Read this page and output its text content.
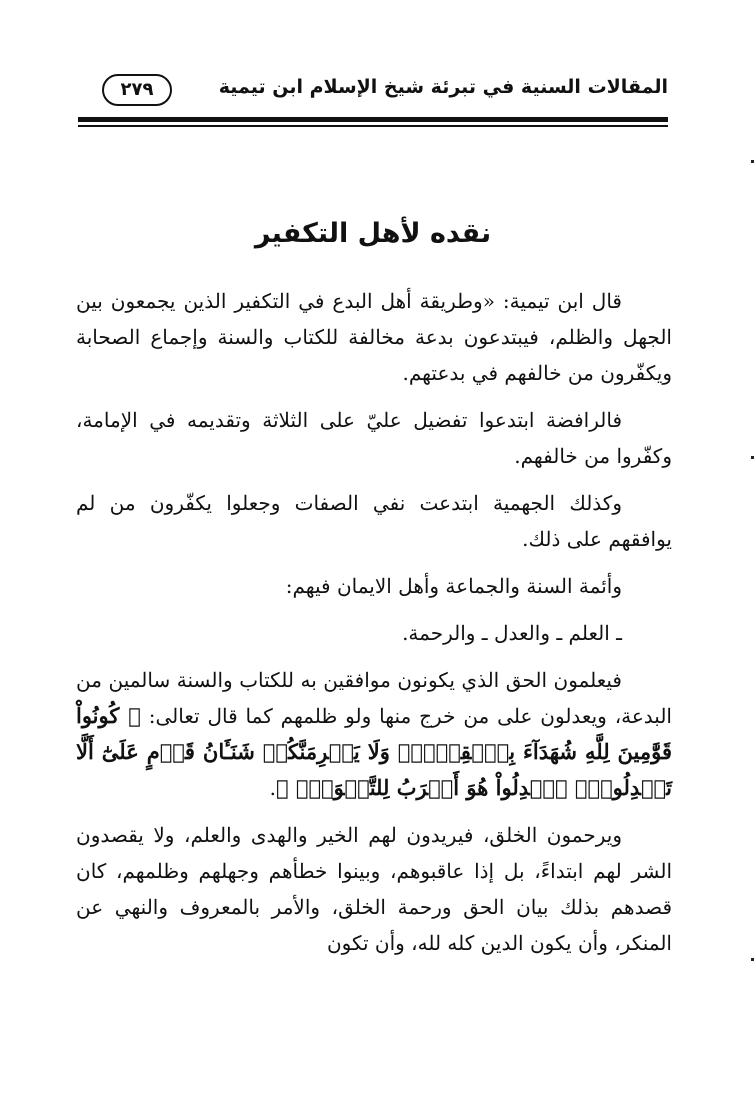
المقالات السنية في تبرئة شيخ الإسلام ابن تيمية
٢٧٩
نقده لأهل التكفير

قال ابن تيمية: «وطريقة أهل البدع في التكفير الذين يجمعون بين الجهل والظلم، فيبتدعون بدعة مخالفة للكتاب والسنة وإجماع الصحابة ويكفّرون من خالفهم في بدعتهم.

فالرافضة ابتدعوا تفضيل عليّ على الثلاثة وتقديمه في الإمامة، وكفّروا من خالفهم.

وكذلك الجهمية ابتدعت نفي الصفات وجعلوا يكفّرون من لم يوافقهم على ذلك.

وأئمة السنة والجماعة وأهل الايمان فيهم:

ـ العلم ـ والعدل ـ والرحمة.

فيعلمون الحق الذي يكونون موافقين به للكتاب والسنة سالمين من البدعة، ويعدلون على من خرج منها ولو ظلمهم كما قال تعالى: ﴿ كُونُواْ قَوَّٰمِينَ لِلَّهِ شُهَدَآءَ بِٱلۡقِسۡطِۖ وَلَا يَجۡرِمَنَّكُمۡ شَنَـَٔانُ قَوۡمٍ عَلَىٰٓ أَلَّا تَعۡدِلُواْۚ ٱعۡدِلُواْ هُوَ أَقۡرَبُ لِلتَّقۡوَىٰۖ ﴾.

ويرحمون الخلق، فيريدون لهم الخير والهدى والعلم، ولا يقصدون الشر لهم ابتداءً، بل إذا عاقبوهم، وبينوا خطأهم وجهلهم وظلمهم، كان قصدهم بذلك بيان الحق ورحمة الخلق، والأمر بالمعروف والنهي عن المنكر، وأن يكون الدين كله لله، وأن تكون
